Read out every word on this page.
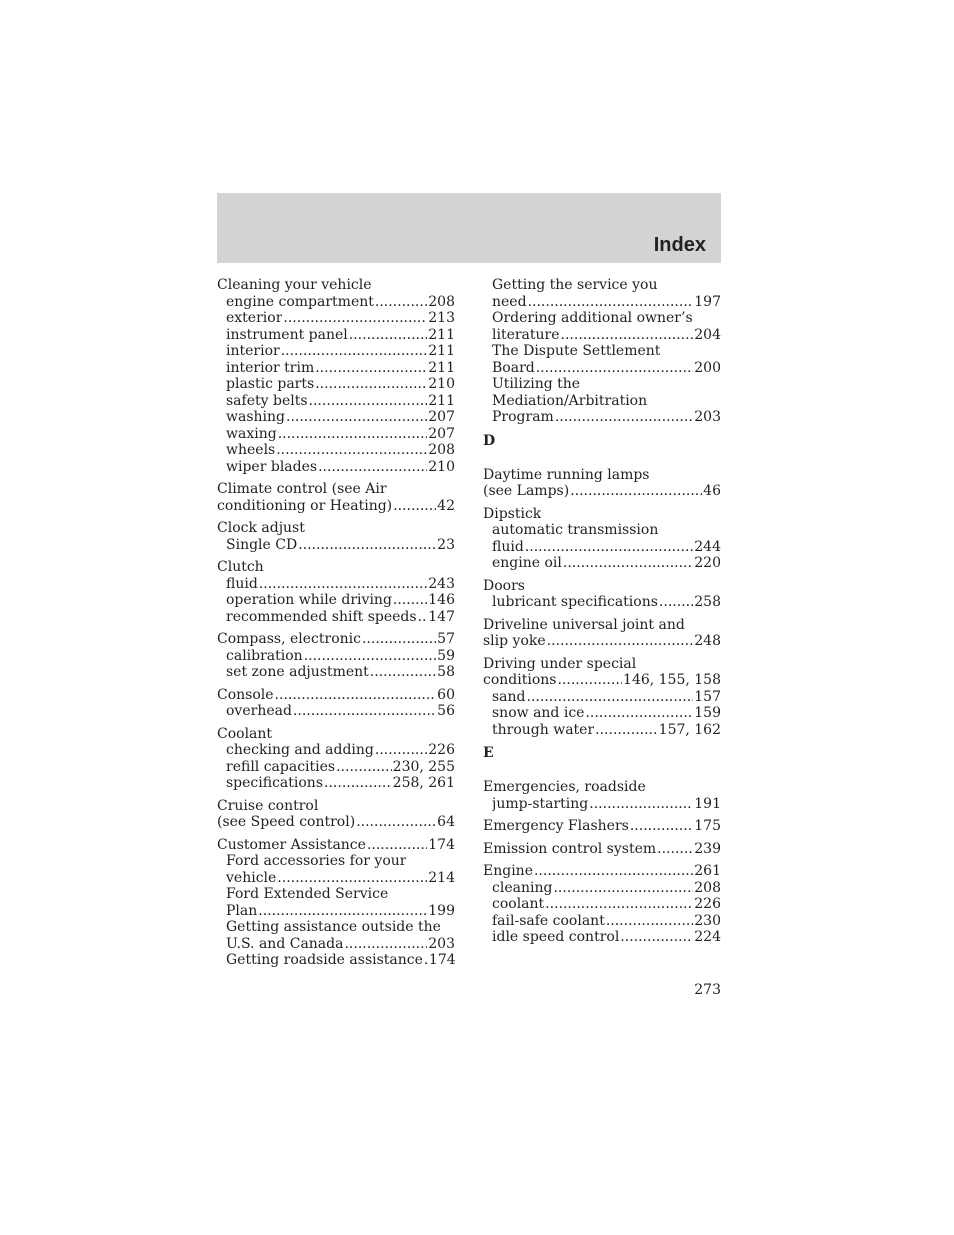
Index
Cleaning your vehicle
engine compartment .....	208
exterior .....	213
instrument panel .....	211
interior .....	211
interior trim .....	211
plastic parts .....	210
safety belts .....	211
washing .....	207
waxing .....	207
wheels .....	208
wiper blades .....	210
Climate control (see Air
conditioning or Heating) .....	42
Clock adjust
Single CD .....	23
Clutch
fluid .....	243
operation while driving .....	146
recommended shift speeds ..... 147
Compass, electronic .....	57
calibration .....	59
set zone adjustment .....	58
Console .....	60
overhead .....	56
Coolant
checking and adding .....	226
refill capacities .....	230, 255
specifications .....	258, 261
Cruise control
(see Speed control) .....	64
Customer Assistance .....	174
Ford accessories for your
vehicle .....	214
Ford Extended Service
Plan .....	199
Getting assistance outside the
U.S. and Canada .....	203
Getting roadside assistance ..... 174
Getting the service you
need .....	197
Ordering additional owner’s
literature .....	204
The Dispute Settlement
Board .....	200
Utilizing the
Mediation/Arbitration
Program .....	203
D
Daytime running lamps
(see Lamps) .....	46
Dipstick
automatic transmission
fluid .....	244
engine oil .....	220
Doors
lubricant specifications .....	258
Driveline universal joint and
slip yoke .....	248
Driving under special
conditions .....	146, 155, 158
sand .....	157
snow and ice .....	159
through water .....	157, 162
E
Emergencies, roadside
jump-starting .....	191
Emergency Flashers .....	175
Emission control system .....	239
Engine .....	261
cleaning .....	208
coolant .....	226
fail-safe coolant .....	230
idle speed control .....	224
273
